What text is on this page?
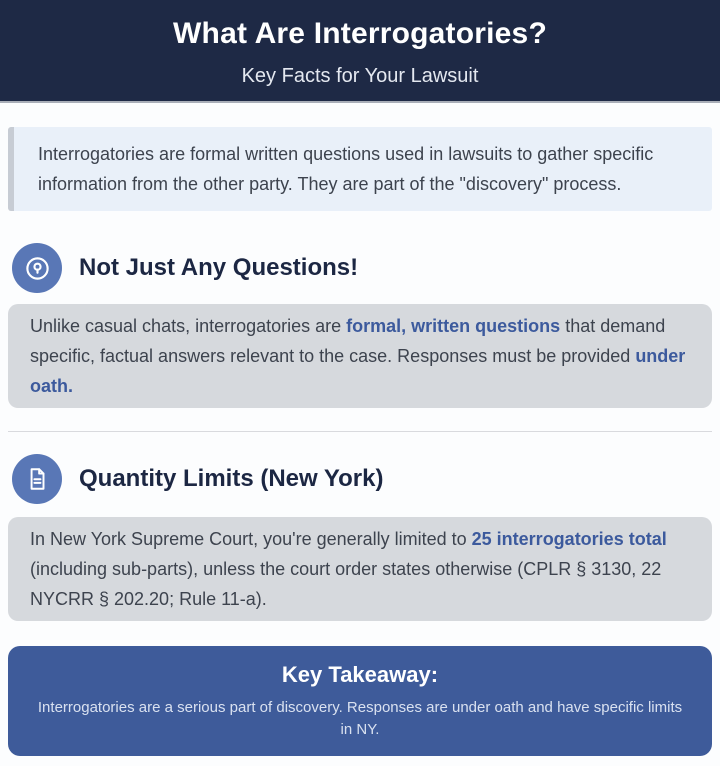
What Are Interrogatories?
Key Facts for Your Lawsuit
Interrogatories are formal written questions used in lawsuits to gather specific information from the other party. They are part of the "discovery" process.
Not Just Any Questions!
Unlike casual chats, interrogatories are formal, written questions that demand specific, factual answers relevant to the case. Responses must be provided under oath.
Quantity Limits (New York)
In New York Supreme Court, you're generally limited to 25 interrogatories total (including sub-parts), unless the court order states otherwise (CPLR § 3130, 22 NYCRR § 202.20; Rule 11-a).

Key Takeaway:

Interrogatories are a serious part of discovery. Responses are under oath and have specific limits in NY.
